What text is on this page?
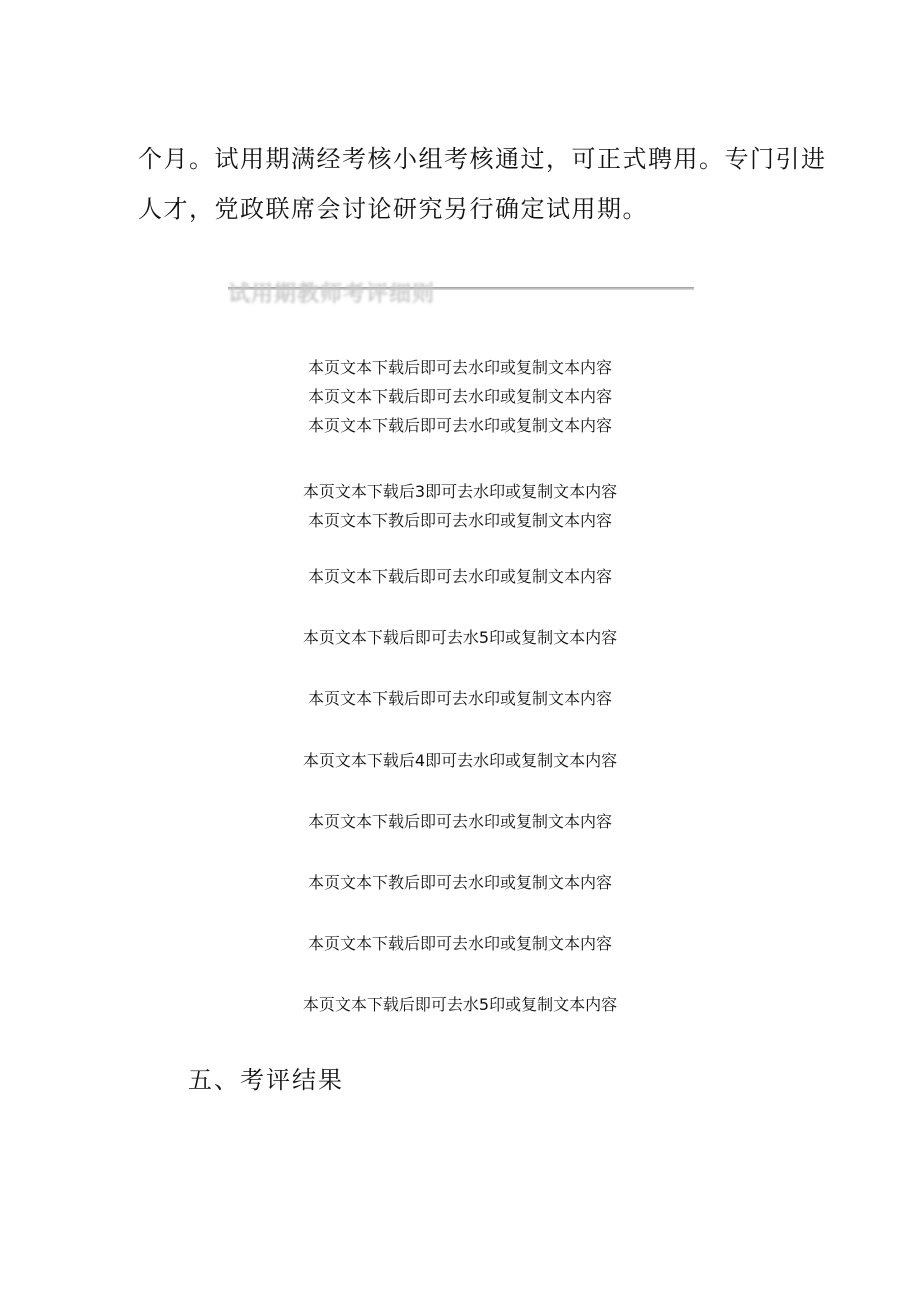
个月。试用期满经考核小组考核通过，可正式聘用。专门引进

人才，党政联席会讨论研究另行确定试用期。

试用期教师考评细则

本页文本下载后即可去水印或复制文本内容

本页文本下载后即可去水印或复制文本内容

本页文本下载后即可去水印或复制文本内容

本页文本下载后3即可去水印或复制文本内容

本页文本下教后即可去水印或复制文本内容

本页文本下载后即可去水印或复制文本内容

本页文本下载后即可去水5印或复制文本内容

本页文本下载后即可去水印或复制文本内容

本页文本下载后4即可去水印或复制文本内容

本页文本下载后即可去水印或复制文本内容

本页文本下教后即可去水印或复制文本内容

本页文本下载后即可去水印或复制文本内容

本页文本下载后即可去水5印或复制文本内容

五、考评结果
